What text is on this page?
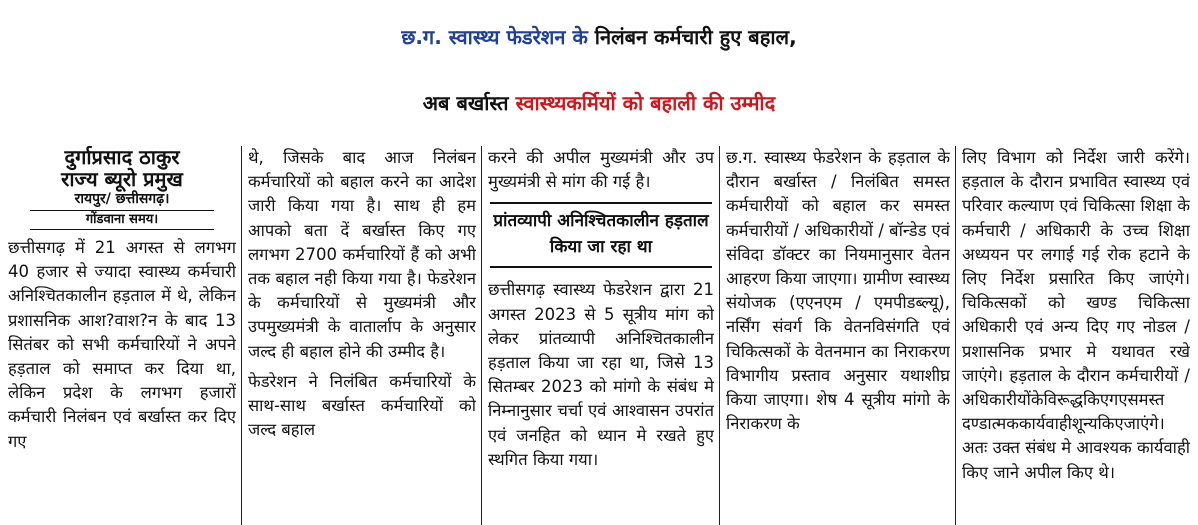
छ.ग. स्वास्थ्य फेडरेशन के निलंबन कर्मचारी हुए बहाल,
अब बर्खास्त स्वास्थ्यकर्मियों को बहाली की उम्मीद
दुर्गाप्रसाद ठाकुर
राज्य ब्यूरो प्रमुख
रायपुर/ छत्तीसगढ़।
गोंडवाना समय।

छत्तीसगढ़ में 21 अगस्त से लगभग 40 हजार से ज्यादा स्वास्थ्य कर्मचारी अनिश्चितकालीन हड़ताल में थे, लेकिन प्रशासनिक आश?वाश?न के बाद 13 सितंबर को सभी कर्मचारियों ने अपने हड़ताल को समाप्त कर दिया था, लेकिन प्रदेश के लगभग हजारों कर्मचारी निलंबन एवं बर्खास्त कर दिए गए

थे, जिसके बाद आज निलंबन कर्मचारियों को बहाल करने का आदेश जारी किया गया है। साथ ही हम आपको बता दें बर्खास्त किए गए लगभग 2700 कर्मचारियों हैं को अभी तक बहाल नही किया गया है। फेडरेशन के कर्मचारियों से मुख्यमंत्री और उपमुख्यमंत्री के वातार्लाप के अनुसार जल्द ही बहाल होने की उम्मीद है।

फेडरेशन ने निलंबित कर्मचारियों के साथ-साथ बर्खास्त कर्मचारियों को जल्द बहाल

करने की अपील मुख्यमंत्री और उप मुख्यमंत्री से मांग की गई है।

प्रांतव्यापी अनिश्चितकालीन हड़ताल किया जा रहा था

छत्तीसगढ़ स्वास्थ्य फेडरेशन द्वारा 21 अगस्त 2023 से 5 सूत्रीय मांग को लेकर प्रांतव्यापी अनिश्चितकालीन हड़ताल किया जा रहा था, जिसे 13 सितम्बर 2023 को मांगो के संबंध मे निम्नानुसार चर्चा एवं आश्वासन उपरांत एवं जनहित को ध्यान मे रखते हुए स्थगित किया गया।

छ.ग. स्वास्थ्य फेडरेशन के हड़ताल के दौरान बर्खास्त / निलंबित समस्त कर्मचारीयों को बहाल कर समस्त कर्मचारीयों / अधिकारीयों / बॉन्डेड एवं संविदा डॉक्टर का नियमानुसार वेतन आहरण किया जाएगा। ग्रामीण स्वास्थ्य संयोजक (एएनएम / एमपीडब्ल्यू), नर्सिंग संवर्ग कि वेतनविसंगति एवं चिकित्सकों के वेतनमान का निराकरण विभागीय प्रस्ताव अनुसार यथाशीघ्र किया जाएगा। शेष 4 सूत्रीय मांगो के निराकरण के

लिए विभाग को निर्देश जारी करेंगे। हड़ताल के दौरान प्रभावित स्वास्थ्य एवं परिवार कल्याण एवं चिकित्सा शिक्षा के कर्मचारी / अधिकारी के उच्च शिक्षा अध्ययन पर लगाई गई रोक हटाने के लिए निर्देश प्रसारित किए जाएंगे। चिकित्सकों को खण्ड चिकित्सा अधिकारी एवं अन्य दिए गए नोडल / प्रशासनिक प्रभार मे यथावत रखे जाएंगे। हड़ताल के दौरान कर्मचारीयों / अधिकारीयोंकेविरूद्धकिएगएसमस्त दण्डात्मककार्यवाहीशून्यकिएजाएंगे। अतः उक्त संबंध मे आवश्यक कार्यवाही किए जाने अपील किए थे।
